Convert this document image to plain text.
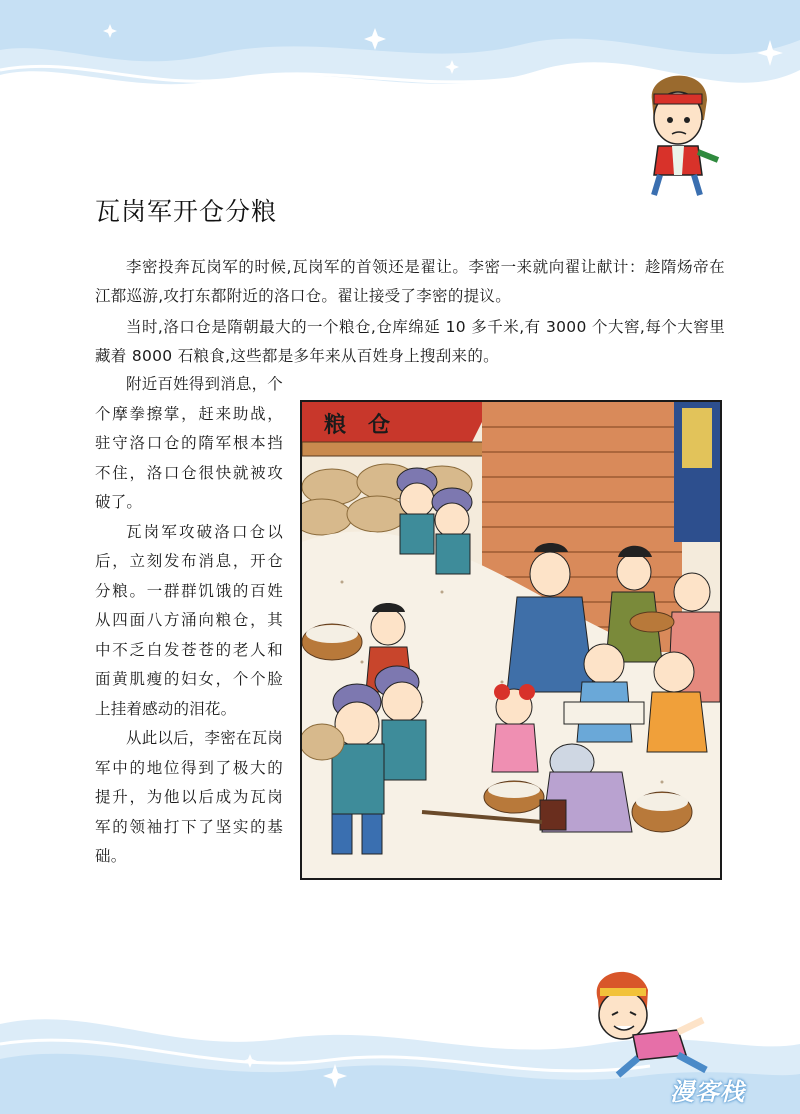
瓦岗军开仓分粮

李密投奔瓦岗军的时候,瓦岗军的首领还是翟让。李密一来就向翟让献计：趁隋炀帝在江都巡游,攻打东都附近的洛口仓。翟让接受了李密的提议。

当时,洛口仓是隋朝最大的一个粮仓,仓库绵延 10 多千米,有 3000 个大窖,每个大窖里藏着 8000 石粮食,这些都是多年来从百姓身上搜刮来的。

附近百姓得到消息，个个摩拳擦掌，赶来助战，驻守洛口仓的隋军根本挡不住，洛口仓很快就被攻破了。

瓦岗军攻破洛口仓以后，立刻发布消息，开仓分粮。一群群饥饿的百姓从四面八方涌向粮仓，其中不乏白发苍苍的老人和面黄肌瘦的妇女，个个脸上挂着感动的泪花。

从此以后，李密在瓦岗军中的地位得到了极大的提升，为他以后成为瓦岗军的领袖打下了坚实的基础。

粮　仓
漫客栈
